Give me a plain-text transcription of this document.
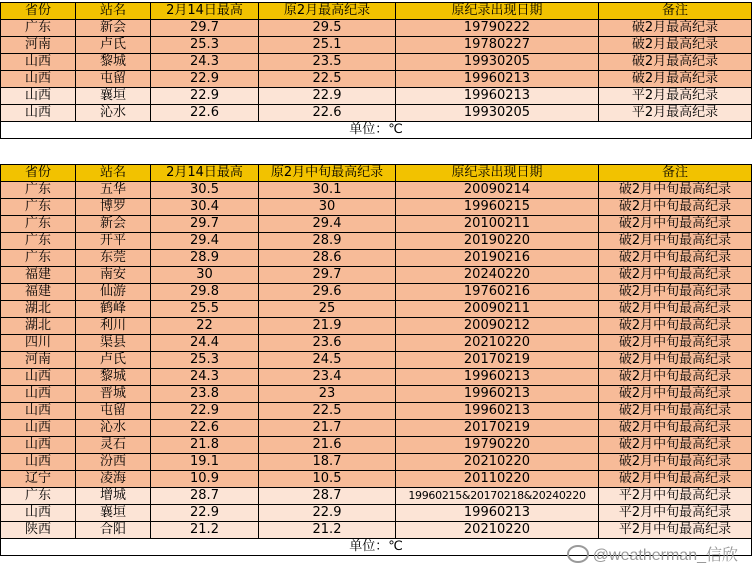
省份	站名	2月14日最高	原2月最高纪录	原纪录出现日期	备注
广东	新会	29.7	29.5	19790222	破2月最高纪录
河南	卢氏	25.3	25.1	19780227	破2月最高纪录
山西	黎城	24.3	23.5	19930205	破2月最高纪录
山西	屯留	22.9	22.5	19960213	破2月最高纪录
山西	襄垣	22.9	22.9	19960213	平2月最高纪录
山西	沁水	22.6	22.6	19930205	平2月最高纪录
单位：℃					
省份	站名	2月14日最高	原2月中旬最高纪录	原纪录出现日期	备注
广东	五华	30.5	30.1	20090214	破2月中旬最高纪录
广东	博罗	30.4	30	19960215	破2月中旬最高纪录
广东	新会	29.7	29.4	20100211	破2月中旬最高纪录
广东	开平	29.4	28.9	20190220	破2月中旬最高纪录
广东	东莞	28.9	28.6	20190216	破2月中旬最高纪录
福建	南安	30	29.7	20240220	破2月中旬最高纪录
福建	仙游	29.8	29.6	19760216	破2月中旬最高纪录
湖北	鹤峰	25.5	25	20090211	破2月中旬最高纪录
湖北	利川	22	21.9	20090212	破2月中旬最高纪录
四川	渠县	24.4	23.6	20210220	破2月中旬最高纪录
河南	卢氏	25.3	24.5	20170219	破2月中旬最高纪录
山西	黎城	24.3	23.4	19960213	破2月中旬最高纪录
山西	晋城	23.8	23	19960213	破2月中旬最高纪录
山西	屯留	22.9	22.5	19960213	破2月中旬最高纪录
山西	沁水	22.6	21.7	20170219	破2月中旬最高纪录
山西	灵石	21.8	21.6	19790220	破2月中旬最高纪录
山西	汾西	19.1	18.7	20210220	破2月中旬最高纪录
辽宁	凌海	10.9	10.5	20110220	破2月中旬最高纪录
广东	增城	28.7	28.7	19960215&20170218&20240220	平2月中旬最高纪录
山西	襄垣	22.9	22.9	19960213	平2月中旬最高纪录
陕西	合阳	21.2	21.2	20210220	平2月中旬最高纪录
单位：℃					
@weatherman_信欣
